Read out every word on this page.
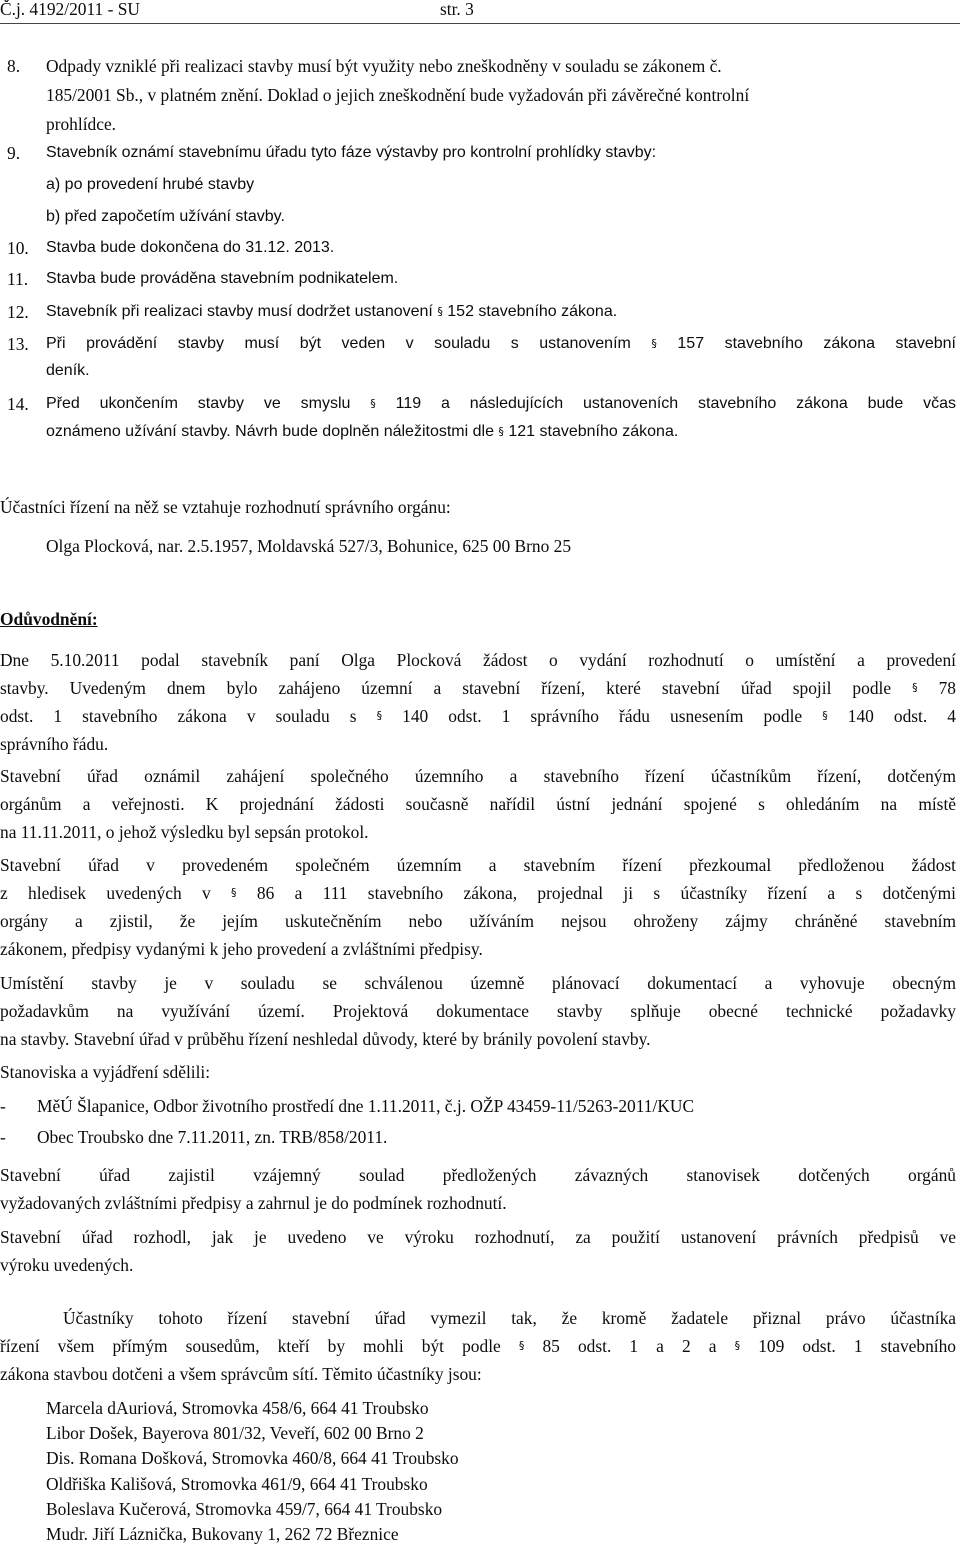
Č.j. 4192/2011 - SU	str. 3
8. Odpady vzniklé při realizaci stavby musí být využity nebo zneškodněny v souladu se zákonem č.
185/2001 Sb., v platném znění. Doklad o jejich zneškodnění bude vyžadován při závěrečné kontrolní
prohlídce.
9. Stavebník oznámí stavebnímu úřadu tyto fáze výstavby pro kontrolní prohlídky stavby:
a) po provedení hrubé stavby
b) před započetím užívání stavby.
10. Stavba bude dokončena do 31.12. 2013.
11. Stavba bude prováděna stavebním podnikatelem.
12. Stavebník při realizaci stavby musí dodržet ustanovení § 152 stavebního zákona.
13. Při provádění stavby musí být veden v souladu s ustanovením § 157 stavebního zákona stavební
deník.
14. Před ukončením stavby ve smyslu § 119 a následujících ustanoveních stavebního zákona bude včas
oznámeno užívání stavby. Návrh bude doplněn náležitostmi dle § 121 stavebního zákona.
Účastníci řízení na něž se vztahuje rozhodnutí správního orgánu:
Olga Plocková, nar. 2.5.1957, Moldavská 527/3, Bohunice, 625 00 Brno 25
Odůvodnění:
Dne 5.10.2011 podal stavebník paní Olga Plocková žádost o vydání rozhodnutí o umístění a provedení
stavby. Uvedeným dnem bylo zahájeno územní a stavební řízení, které stavební úřad spojil podle § 78
odst. 1 stavebního zákona v souladu s § 140 odst. 1 správního řádu usnesením podle § 140 odst. 4
správního řádu.
Stavební úřad oznámil zahájení společného územního a stavebního řízení účastníkům řízení, dotčeným
orgánům a veřejnosti. K projednání žádosti současně nařídil ústní jednání spojené s ohledáním na místě
na 11.11.2011, o jehož výsledku byl sepsán protokol.
Stavební úřad v provedeném společném územním a stavebním řízení přezkoumal předloženou žádost
z hledisek uvedených v § 86 a 111 stavebního zákona, projednal ji s účastníky řízení a s dotčenými
orgány a zjistil, že jejím uskutečněním nebo užíváním nejsou ohroženy zájmy chráněné stavebním
zákonem, předpisy vydanými k jeho provedení a zvláštními předpisy.
Umístění stavby je v souladu se schválenou územně plánovací dokumentací a vyhovuje obecným
požadavkům na využívání území. Projektová dokumentace stavby splňuje obecné technické požadavky
na stavby. Stavební úřad v průběhu řízení neshledal důvody, které by bránily povolení stavby.
Stanoviska a vyjádření sdělili:
- MěÚ Šlapanice, Odbor životního prostředí dne 1.11.2011, č.j. OŽP 43459-11/5263-2011/KUC
- Obec Troubsko dne 7.11.2011, zn. TRB/858/2011.
Stavební úřad zajistil vzájemný soulad předložených závazných stanovisek dotčených orgánů
vyžadovaných zvláštními předpisy a zahrnul je do podmínek rozhodnutí.
Stavební úřad rozhodl, jak je uvedeno ve výroku rozhodnutí, za použití ustanovení právních předpisů ve
výroku uvedených.
Účastníky tohoto řízení stavební úřad vymezil tak, že kromě žadatele přiznal právo účastníka
řízení všem přímým sousedům, kteří by mohli být podle § 85 odst. 1 a 2 a § 109 odst. 1 stavebního
zákona stavbou dotčeni a všem správcům sítí. Těmito účastníky jsou:
Marcela dAuriová, Stromovka 458/6, 664 41 Troubsko
Libor Došek, Bayerova 801/32, Veveří, 602 00 Brno 2
Dis. Romana Došková, Stromovka 460/8, 664 41 Troubsko
Oldřiška Kališová, Stromovka 461/9, 664 41 Troubsko
Boleslava Kučerová, Stromovka 459/7, 664 41 Troubsko
Mudr. Jiří Láznička, Bukovany 1, 262 72 Březnice
